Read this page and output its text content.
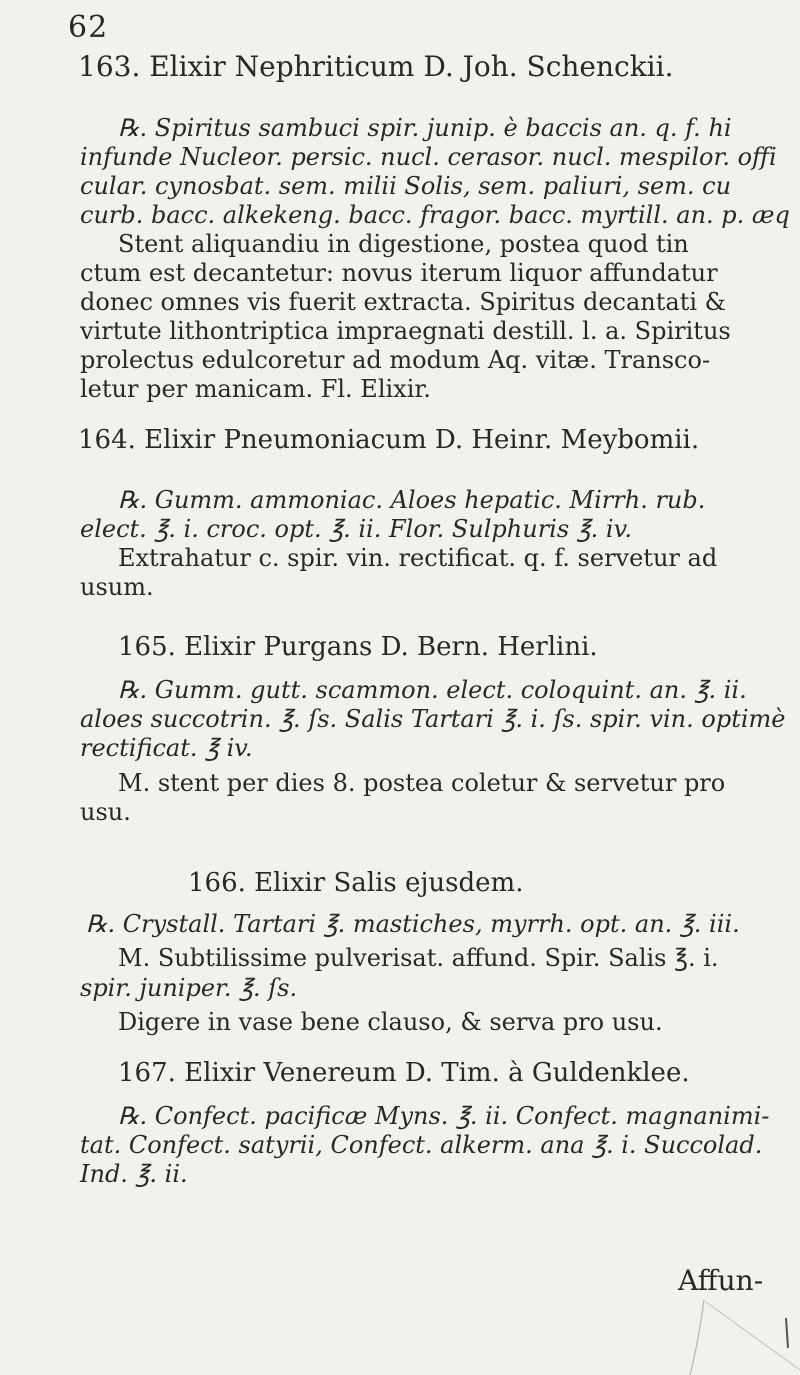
62
163. Elixir Nephriticum D. Joh. Schenckii.
℞. Spiritus sambuci spir. junip. è baccis an. q. f. hi
infunde Nucleor. persic. nucl. cerasor. nucl. mespilor. offi
cular. cynosbat. sem. milii Solis, sem. paliuri, sem. cu
curb. bacc. alkekeng. bacc. fragor. bacc. myrtill. an. p. æq
Stent aliquandiu in digestione, postea quod tin
ctum est decantetur: novus iterum liquor affundatur
donec omnes vis fuerit extracta. Spiritus decantati &
virtute lithontriptica impraegnati destill. l. a. Spiritus
prolectus edulcoretur ad modum Aq. vitæ. Transco-
letur per manicam. Fl. Elixir.
164. Elixir Pneumoniacum D. Heinr. Meybomii.
℞. Gumm. ammoniac. Aloes hepatic. Mirrh. rub.
elect. ℥. i. croc. opt. ℥. ii. Flor. Sulphuris ℥. iv.
Extrahatur c. spir. vin. rectificat. q. f. servetur ad
usum.
165. Elixir Purgans D. Bern. Herlini.
℞. Gumm. gutt. scammon. elect. coloquint. an. ℥. ii.
aloes succotrin. ℥. ſs. Salis Tartari ℥. i. ſs. spir. vin. optimè
rectificat. ℥ iv.
M. stent per dies 8. postea coletur & servetur pro
usu.
166. Elixir Salis ejusdem.
℞. Crystall. Tartari ℥. mastiches, myrrh. opt. an. ℥. iii.
M. Subtilissime pulverisat. affund. Spir. Salis ℥. i.
spir. juniper. ℥. ſs.
Digere in vase bene clauso, & serva pro usu.
167. Elixir Venereum D. Tim. à Guldenklee.
℞. Confect. pacificæ Myns. ℥. ii. Confect. magnanimi-
tat. Confect. satyrii, Confect. alkerm. ana ℥. i. Succolad.
Ind. ℥. ii.
Affun-
